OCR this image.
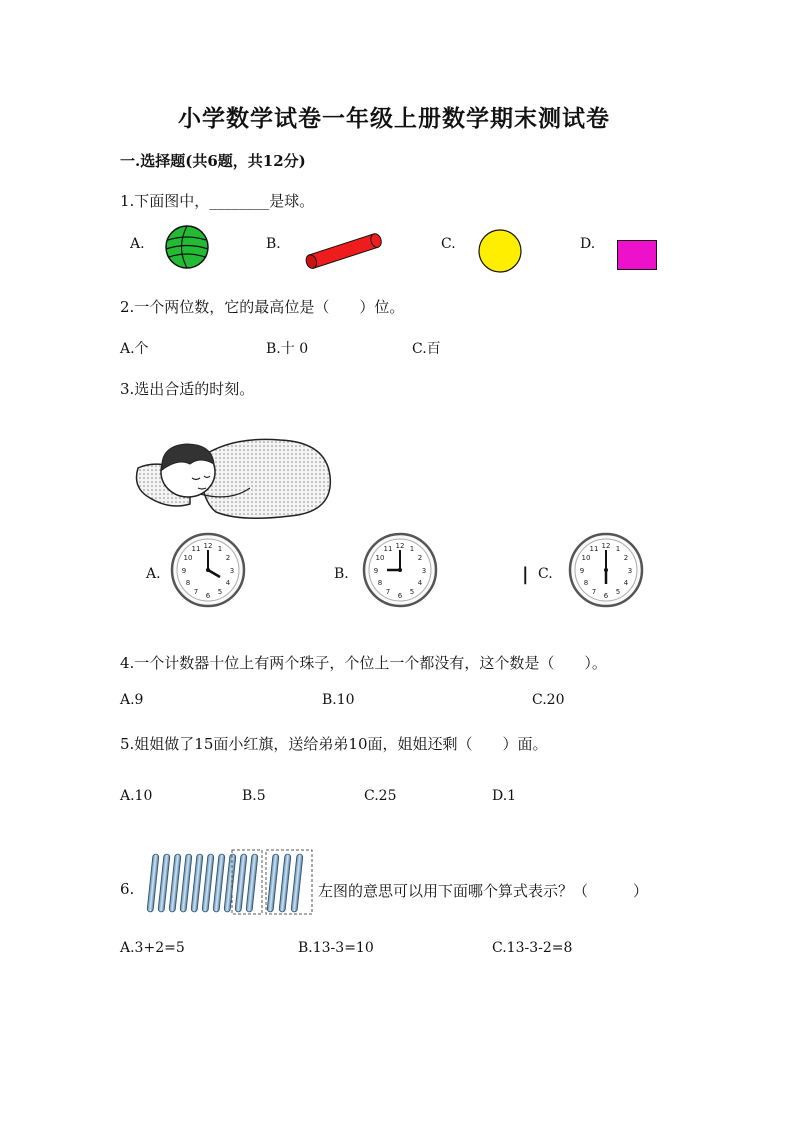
小学数学试卷一年级上册数学期末测试卷
一.选择题(共6题，共12分)
1.下面图中，________是球。
A.	B.	C.	D.
2.一个两位数，它的最高位是（　　）位。
A.个	B.十 0	C.百
3.选出合适的时刻。
A.
12 1
2
3
4
5
6
7
8
9
10
11
B.
12 1
2
3
4
5
6
7
8
9
10
11
| C.
12 1
2
3
4
5
6
7
8
9
10
11
4.一个计数器十位上有两个珠子，个位上一个都没有，这个数是（　　）。
A.9	B.10	C.20
5.姐姐做了15面小红旗，送给弟弟10面，姐姐还剩（　　）面。
A.10	B.5	C.25	D.1
6.	左图的意思可以用下面哪个算式表示？（　　　）
A.3+2=5	B.13-3=10	C.13-3-2=8
